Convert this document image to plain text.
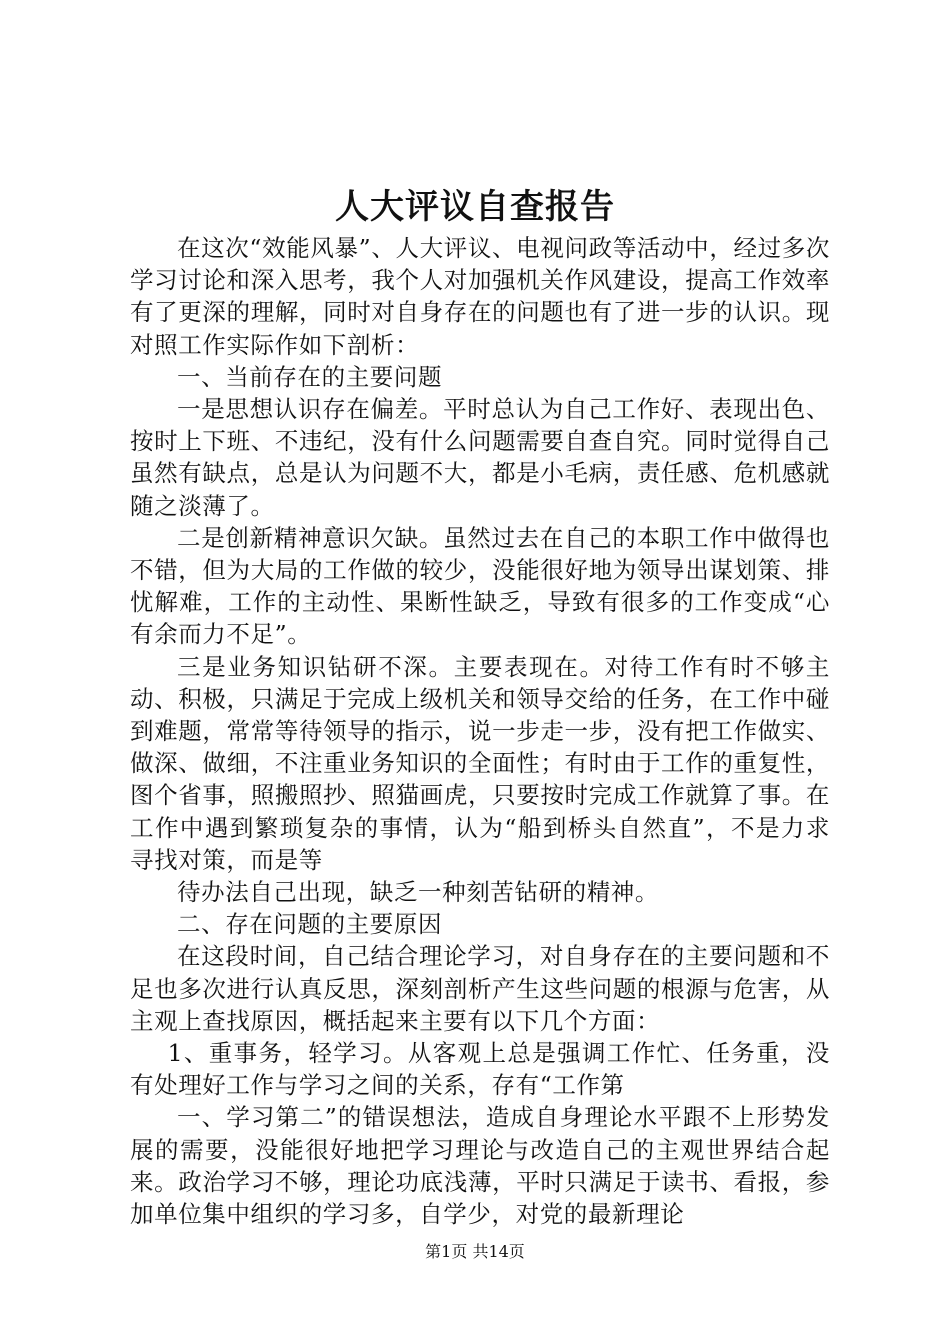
人大评议自查报告

在这次“效能风暴”、人大评议、电视问政等活动中，经过多次学习讨论和深入思考，我个人对加强机关作风建设，提高工作效率有了更深的理解，同时对自身存在的问题也有了进一步的认识。现对照工作实际作如下剖析：

一、当前存在的主要问题

一是思想认识存在偏差。平时总认为自己工作好、表现出色、按时上下班、不违纪，没有什么问题需要自查自究。同时觉得自己虽然有缺点，总是认为问题不大，都是小毛病，责任感、危机感就随之淡薄了。

二是创新精神意识欠缺。虽然过去在自己的本职工作中做得也不错，但为大局的工作做的较少，没能很好地为领导出谋划策、排忧解难，工作的主动性、果断性缺乏，导致有很多的工作变成“心有余而力不足”。

三是业务知识钻研不深。主要表现在。对待工作有时不够主动、积极，只满足于完成上级机关和领导交给的任务，在工作中碰到难题，常常等待领导的指示，说一步走一步，没有把工作做实、做深、做细，不注重业务知识的全面性；有时由于工作的重复性，图个省事，照搬照抄、照猫画虎，只要按时完成工作就算了事。在工作中遇到繁琐复杂的事情，认为“船到桥头自然直”，不是力求寻找对策，而是等

待办法自己出现，缺乏一种刻苦钻研的精神。

二、存在问题的主要原因

在这段时间，自己结合理论学习，对自身存在的主要问题和不足也多次进行认真反思，深刻剖析产生这些问题的根源与危害，从主观上查找原因，概括起来主要有以下几个方面：

1、重事务，轻学习。从客观上总是强调工作忙、任务重，没有处理好工作与学习之间的关系，存有“工作第

一、学习第二”的错误想法，造成自身理论水平跟不上形势发展的需要，没能很好地把学习理论与改造自己的主观世界结合起来。政治学习不够，理论功底浅薄，平时只满足于读书、看报，参加单位集中组织的学习多，自学少，对党的最新理论

第1页 共14页
